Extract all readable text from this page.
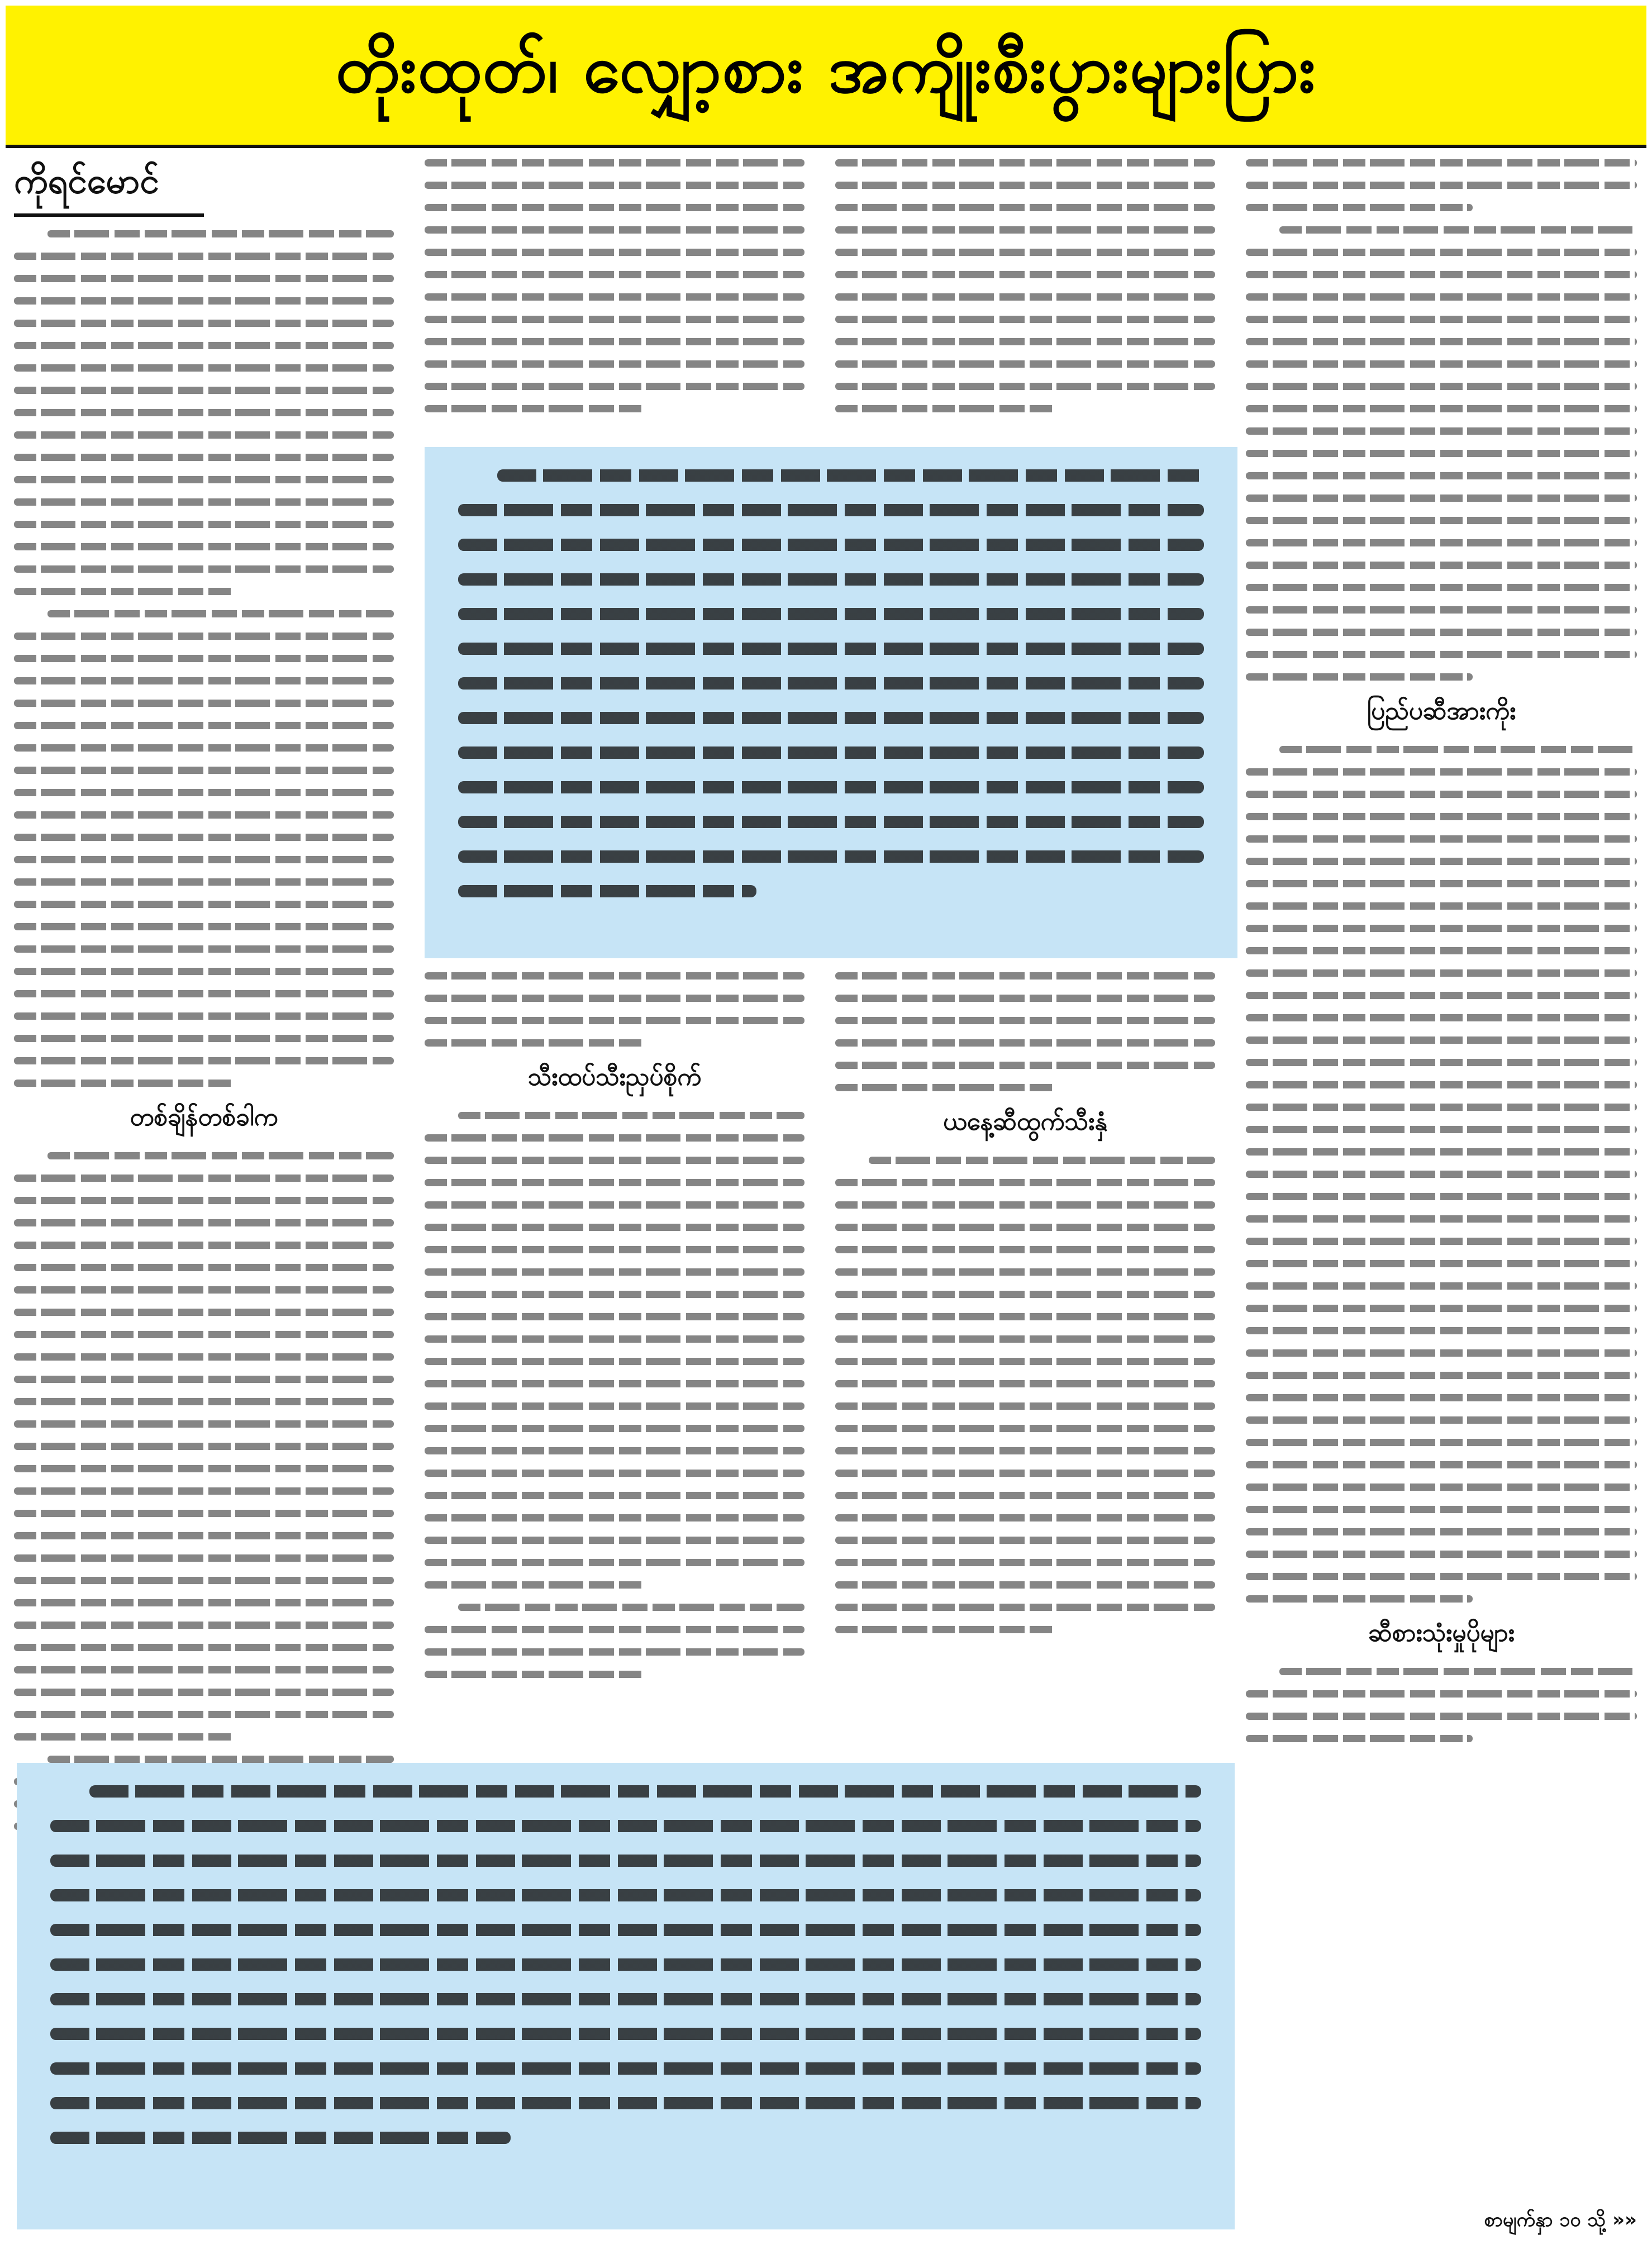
တိုးထုတ်၊ လျှော့စား အကျိုးစီးပွားများပြား
ကိုရင်မောင်
တစ်ချိန်တစ်ခါက
သီးထပ်သီးညှပ်စိုက်
ယနေ့ဆီထွက်သီးနှံ
ပြည်ပဆီအားကိုး
ဆီစားသုံးမှုပိုများ
စာမျက်နှာ ၁၀ သို့ »»
